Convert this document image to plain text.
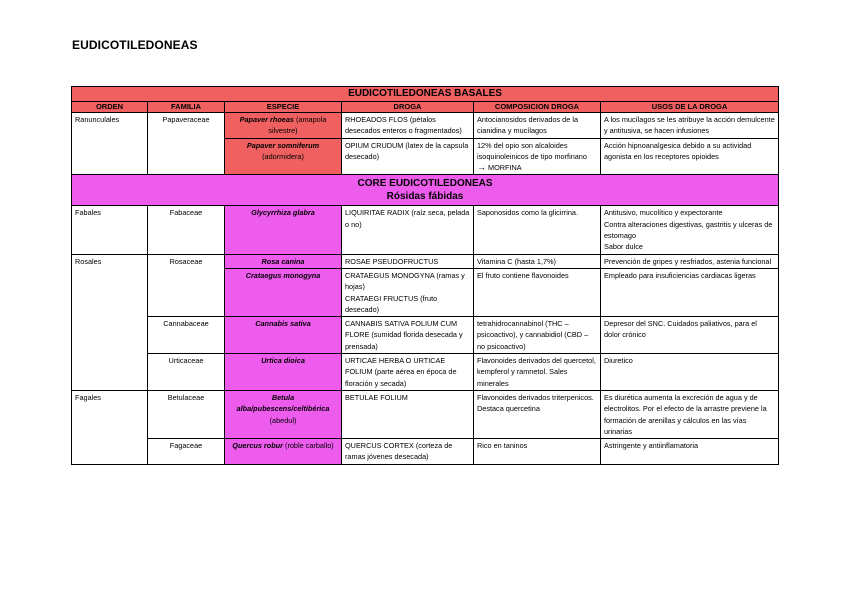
EUDICOTILEDONEAS
EUDICOTILEDONEAS BASALES					
ORDEN	FAMILIA	ESPECIE	DROGA	COMPOSICION DROGA	USOS DE LA DROGA
Ranunculales	Papaveraceae	Papaver rhoeas (amapola silvestre)	RHOEADOS FLOS (pétalos desecados enteros o fragmentados)	Antocianosidos derivados de la cianidina y mucílagos	A los mucílagos se les atribuye la acción demulcente y antitusiva, se hacen infusiones
		Papaver somniferum (adormidera)	OPIUM CRUDUM (latex de la capsula desecado)	12% del opio son alcaloides isoquinoleinicos de tipo morfinano → MORFINA	Acción hipnoanalgesica debido a su actividad agonista en los receptores opioides

CORE EUDICOTILEDONEAS
Rósidas fábidas					

Fabales	Fabaceae	Glycyrrhiza glabra	LIQUIRITAE RADIX (raíz seca, pelada o no)	Saponosidos como la glicirrina.	Antitusivo, mucolítico y expectorante
Contra alteraciones digestivas, gastritis y ulceras de estomago
Sabor dulce

Rosales	Rosaceae	Rosa canina	ROSAE PSEUDOFRUCTUS	Vitamina C (hasta 1,7%)	Prevención de gripes y resfriados, astenia funcional
		Crataegus monogyna	CRATAEGUS MONOGYNA (ramas y hojas)
CRATAEGI FRUCTUS (fruto desecado)	El fruto contiene flavonoides	Empleado para insuficiencias cardiacas ligeras
	Cannabaceae	Cannabis sativa	CANNABIS SATIVA FOLIUM CUM FLORE (sumidad florida desecada y prensada)	tetrahidrocannabinol (THC – psicoactivo), y cannabidiol (CBD – no psicoactivo)	Depresor del SNC. Cuidados paliativos, para el dolor crónico
	Urticaceae	Urtica dioica	URTICAE HERBA O URTICAE FOLIUM (parte aérea en época de floración y secada)	Flavonoides derivados del quercetol, kempferol y ramnetol. Sales minerales	Diuretico
Fagales	Betulaceae	Betula alba/pubescens/celtibérica (abedul)	BETULAE FOLIUM	Flavonoides derivados triterpenicos. Destaca quercetina	Es diurética aumenta la excreción de agua y de electrolitos. Por el efecto de la arrastre previene la formación de arenillas y cálculos en las vías urinarias
	Fagaceae	Quercus robur (roble carballo)	QUERCUS CORTEX (corteza de ramas jóvenes desecada)	Rico en taninos	Astringente y antiinflamatoria
